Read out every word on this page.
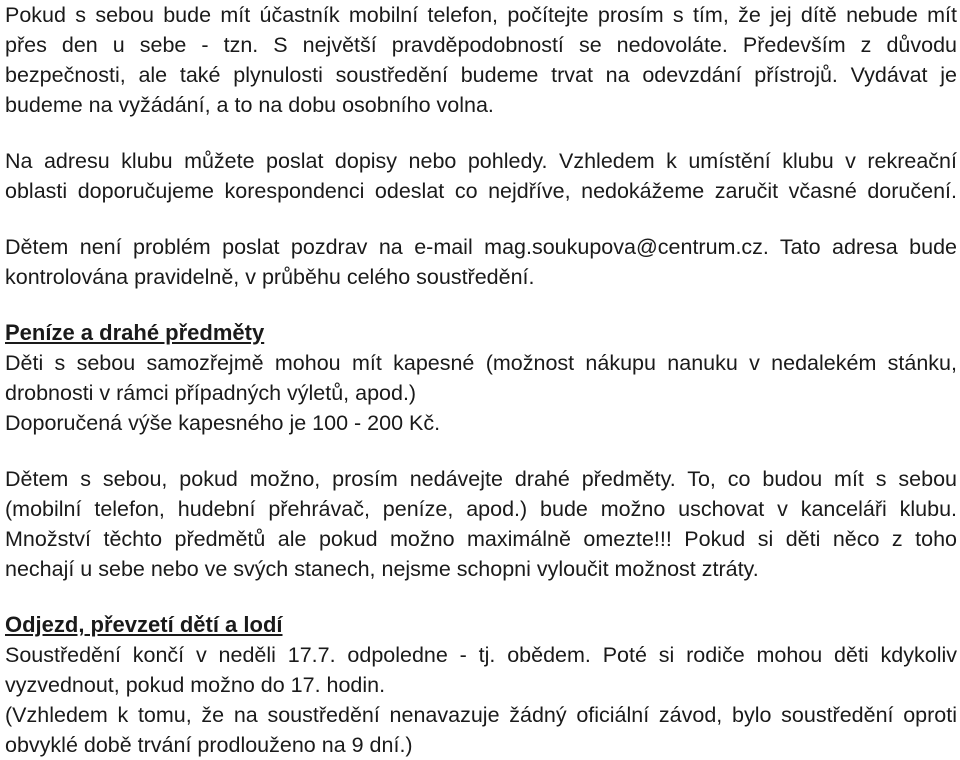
Pokud s sebou bude mít účastník mobilní telefon, počítejte prosím s tím, že jej dítě nebude mít
přes den u sebe - tzn. S největší pravděpodobností se nedovoláte. Především z důvodu
bezpečnosti, ale také plynulosti soustředění budeme trvat na odevzdání přístrojů. Vydávat je
budeme na vyžádání, a to na dobu osobního volna.
Na adresu klubu můžete poslat dopisy nebo pohledy. Vzhledem k umístění klubu v rekreační
oblasti doporučujeme korespondenci odeslat co nejdříve, nedokážeme zaručit včasné doručení.
Dětem není problém poslat pozdrav na e-mail mag.soukupova@centrum.cz. Tato adresa bude
kontrolována pravidelně, v průběhu celého soustředění.
Peníze a drahé předměty
Děti s sebou samozřejmě mohou mít kapesné (možnost nákupu nanuku v nedalekém stánku,
drobnosti v rámci případných výletů, apod.)
Doporučená výše kapesného je 100 - 200 Kč.
Dětem s sebou, pokud možno, prosím nedávejte drahé předměty. To, co budou mít s sebou
(mobilní telefon, hudební přehrávač, peníze, apod.) bude možno uschovat v kanceláři klubu.
Množství těchto předmětů ale pokud možno maximálně omezte!!! Pokud si děti něco z toho
nechají u sebe nebo ve svých stanech, nejsme schopni vyloučit možnost ztráty.
Odjezd, převzetí dětí a lodí
Soustředění končí v neděli 17.7. odpoledne - tj. obědem. Poté si rodiče mohou děti kdykoliv
vyzvednout, pokud možno do 17. hodin.
(Vzhledem k tomu, že na soustředění nenavazuje žádný oficiální závod, bylo soustředění oproti
obvyklé době trvání prodlouženo na 9 dní.)
